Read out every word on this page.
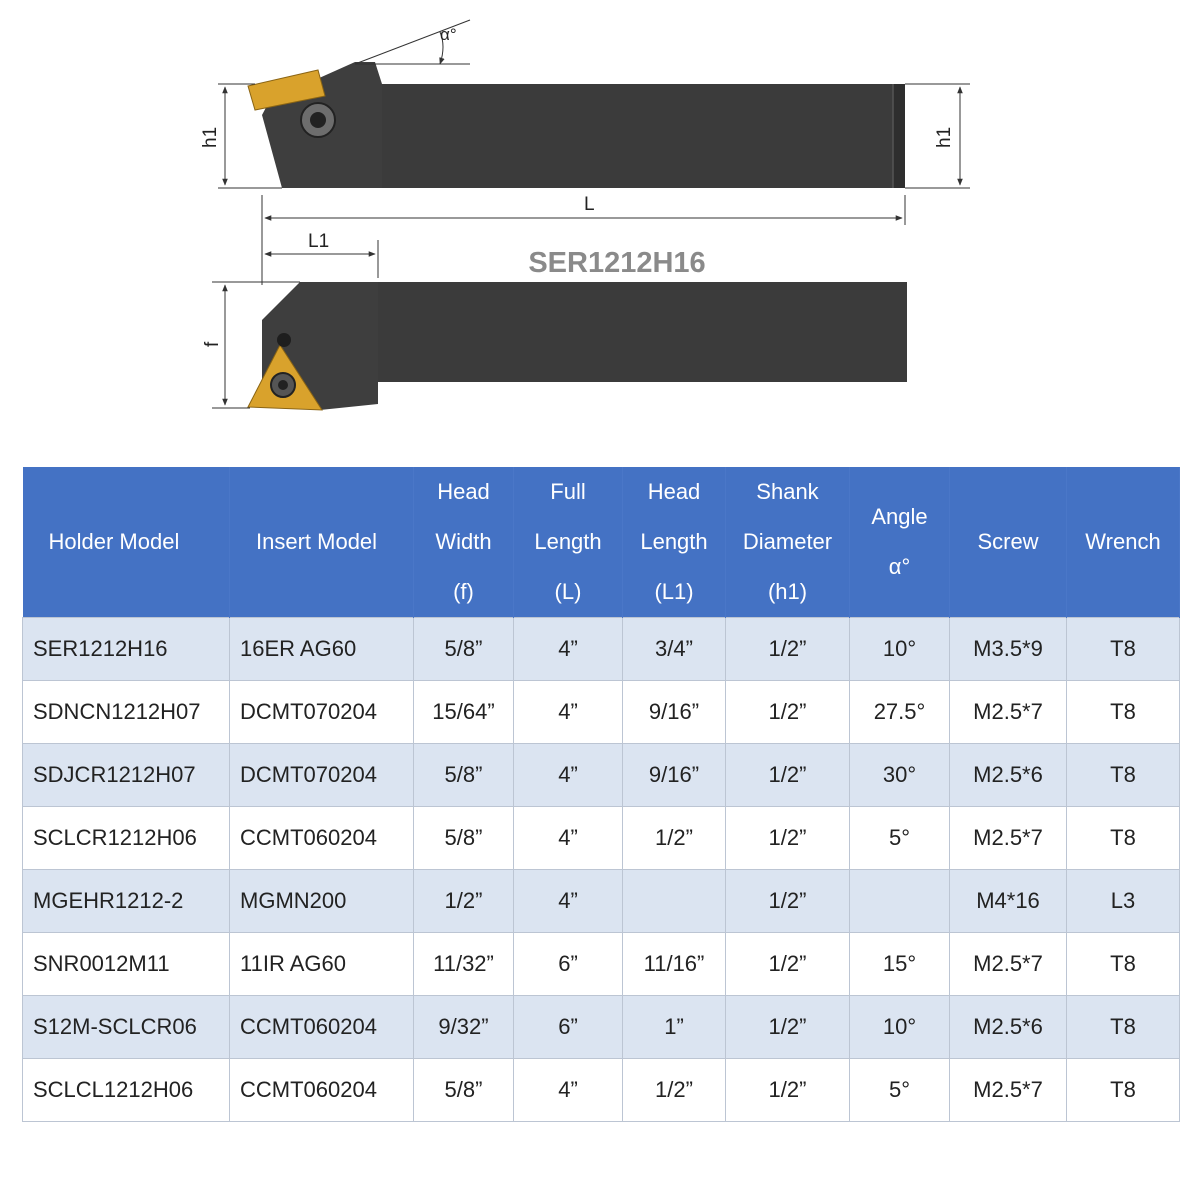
α°
h1	h1
L
L1
SER1212H16
f
Holder Model	Insert Model	Head
Width
(f)	Full
Length
(L)	Head
Length
(L1)	Shank
Diameter
(h1)	Angle
α°	Screw	Wrench

SER1212H16	16ER AG60	5/8”	4”	3/4”	1/2”	10°	M3.5*9	T8
SDNCN1212H07	DCMT070204	15/64”	4”	9/16”	1/2”	27.5°	M2.5*7	T8
SDJCR1212H07	DCMT070204	5/8”	4”	9/16”	1/2”	30°	M2.5*6	T8
SCLCR1212H06	CCMT060204	5/8”	4”	1/2”	1/2”	5°	M2.5*7	T8
MGEHR1212-2	MGMN200	1/2”	4”		1/2”		M4*16	L3
SNR0012M11	11IR AG60	11/32”	6”	11/16”	1/2”	15°	M2.5*7	T8
S12M-SCLCR06	CCMT060204	9/32”	6”	1”	1/2”	10°	M2.5*6	T8
SCLCL1212H06	CCMT060204	5/8”	4”	1/2”	1/2”	5°	M2.5*7	T8
